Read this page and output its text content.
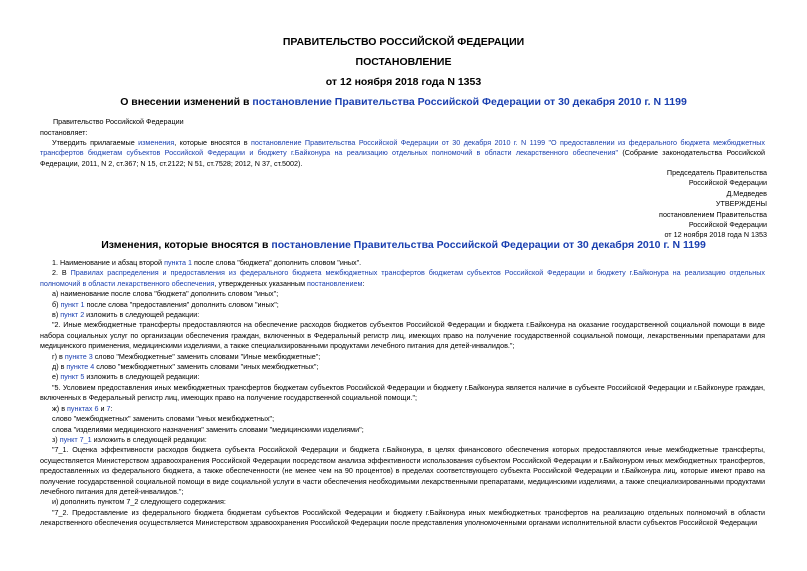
ПРАВИТЕЛЬСТВО РОССИЙСКОЙ ФЕДЕРАЦИИ
ПОСТАНОВЛЕНИЕ
от 12 ноября 2018 года N 1353
О внесении изменений в постановление Правительства Российской Федерации от 30 декабря 2010 г. N 1199
Правительство Российской Федерации
постановляет:
Утвердить прилагаемые изменения, которые вносятся в постановление Правительства Российской Федерации от 30 декабря 2010 г. N 1199 "О предоставлении из федерального бюджета межбюджетных трансфертов бюджетам субъектов Российской Федерации и бюджету г.Байконура на реализацию отдельных полномочий в области лекарственного обеспечения" (Собрание законодательства Российской Федерации, 2011, N 2, ст.367; N 15, ст.2122; N 51, ст.7528; 2012, N 37, ст.5002).
Председатель Правительства
Российской Федерации
Д.Медведев
УТВЕРЖДЕНЫ
постановлением Правительства
Российской Федерации
от 12 ноября 2018 года N 1353
Изменения, которые вносятся в постановление Правительства Российской Федерации от 30 декабря 2010 г. N 1199
1. Наименование и абзац второй пункта 1 после слова "бюджета" дополнить словом "иных".
2. В Правилах распределения и предоставления из федерального бюджета межбюджетных трансфертов бюджетам субъектов Российской Федерации и бюджету г.Байконура на реализацию отдельных полномочий в области лекарственного обеспечения, утвержденных указанным постановлением:
а) наименование после слова "бюджета" дополнить словом "иных";
б) пункт 1 после слова "предоставления" дополнить словом "иных";
в) пункт 2 изложить в следующей редакции:
"2. Иные межбюджетные трансферты предоставляются на обеспечение расходов бюджетов субъектов Российской Федерации и бюджета г.Байконура на оказание государственной социальной помощи в виде набора социальных услуг по организации обеспечения граждан, включенных в Федеральный регистр лиц, имеющих право на получение государственной социальной помощи, лекарственными препаратами для медицинского применения, медицинскими изделиями, а также специализированными продуктами лечебного питания для детей-инвалидов.";
г) в пункте 3 слово "Межбюджетные" заменить словами "Иные межбюджетные";
д) в пункте 4 слово "межбюджетных" заменить словами "иных межбюджетных";
е) пункт 5 изложить в следующей редакции:
"5. Условием предоставления иных межбюджетных трансфертов бюджетам субъектов Российской Федерации и бюджету г.Байконура является наличие в субъекте Российской Федерации и г.Байконуре граждан, включенных в Федеральный регистр лиц, имеющих право на получение государственной социальной помощи.";
ж) в пунктах 6 и 7:
слово "межбюджетных" заменить словами "иных межбюджетных";
слова "изделиями медицинского назначения" заменить словами "медицинскими изделиями";
з) пункт 7_1 изложить в следующей редакции:
"7_1. Оценка эффективности расходов бюджета субъекта Российской Федерации и бюджета г.Байконура, в целях финансового обеспечения которых предоставляются иные межбюджетные трансферты, осуществляется Министерством здравоохранения Российской Федерации посредством анализа эффективности использования субъектом Российской Федерации и г.Байконуром иных межбюджетных трансфертов, предоставленных из федерального бюджета, а также обеспеченности (не менее чем на 90 процентов) в пределах соответствующего субъекта Российской Федерации и г.Байконура лиц, которые имеют право на получение государственной социальной помощи в виде социальной услуги в части обеспечения необходимыми лекарственными препаратами, медицинскими изделиями, а также специализированными продуктами лечебного питания для детей-инвалидов.";
и) дополнить пунктом 7_2 следующего содержания:
"7_2. Предоставление из федерального бюджета бюджетам субъектов Российской Федерации и бюджету г.Байконура иных межбюджетных трансфертов на реализацию отдельных полномочий в области лекарственного обеспечения осуществляется Министерством здравоохранения Российской Федерации после представления уполномоченными органами исполнительной власти субъектов Российской Федерации
